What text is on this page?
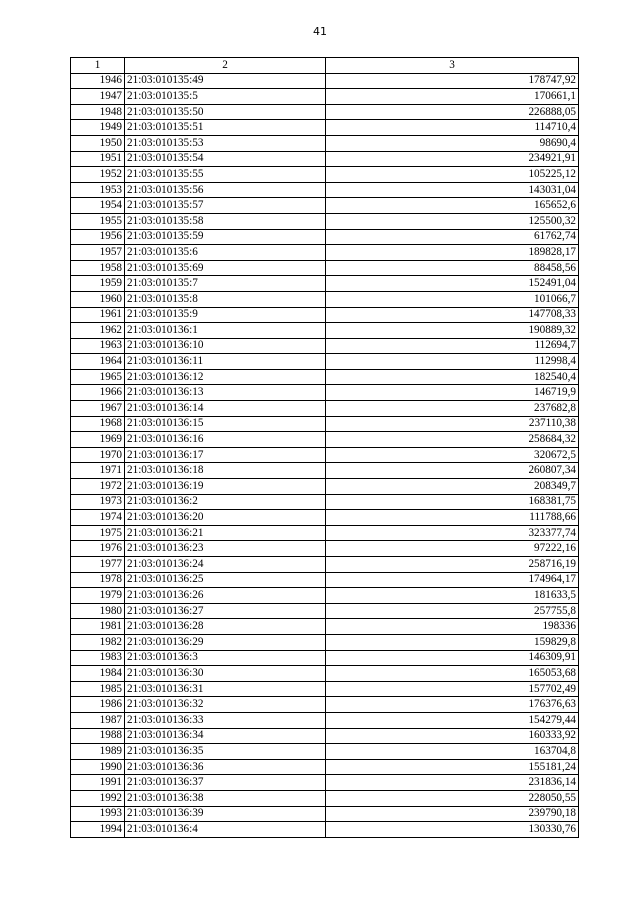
41
1	2	3
1946	21:03:010135:49	178747,92
1947	21:03:010135:5	170661,1
1948	21:03:010135:50	226888,05
1949	21:03:010135:51	114710,4
1950	21:03:010135:53	98690,4
1951	21:03:010135:54	234921,91
1952	21:03:010135:55	105225,12
1953	21:03:010135:56	143031,04
1954	21:03:010135:57	165652,6
1955	21:03:010135:58	125500,32
1956	21:03:010135:59	61762,74
1957	21:03:010135:6	189828,17
1958	21:03:010135:69	88458,56
1959	21:03:010135:7	152491,04
1960	21:03:010135:8	101066,7
1961	21:03:010135:9	147708,33
1962	21:03:010136:1	190889,32
1963	21:03:010136:10	112694,7
1964	21:03:010136:11	112998,4
1965	21:03:010136:12	182540,4
1966	21:03:010136:13	146719,9
1967	21:03:010136:14	237682,8
1968	21:03:010136:15	237110,38
1969	21:03:010136:16	258684,32
1970	21:03:010136:17	320672,5
1971	21:03:010136:18	260807,34
1972	21:03:010136:19	208349,7
1973	21:03:010136:2	168381,75
1974	21:03:010136:20	111788,66
1975	21:03:010136:21	323377,74
1976	21:03:010136:23	97222,16
1977	21:03:010136:24	258716,19
1978	21:03:010136:25	174964,17
1979	21:03:010136:26	181633,5
1980	21:03:010136:27	257755,8
1981	21:03:010136:28	198336
1982	21:03:010136:29	159829,8
1983	21:03:010136:3	146309,91
1984	21:03:010136:30	165053,68
1985	21:03:010136:31	157702,49
1986	21:03:010136:32	176376,63
1987	21:03:010136:33	154279,44
1988	21:03:010136:34	160333,92
1989	21:03:010136:35	163704,8
1990	21:03:010136:36	155181,24
1991	21:03:010136:37	231836,14
1992	21:03:010136:38	228050,55
1993	21:03:010136:39	239790,18
1994	21:03:010136:4	130330,76
